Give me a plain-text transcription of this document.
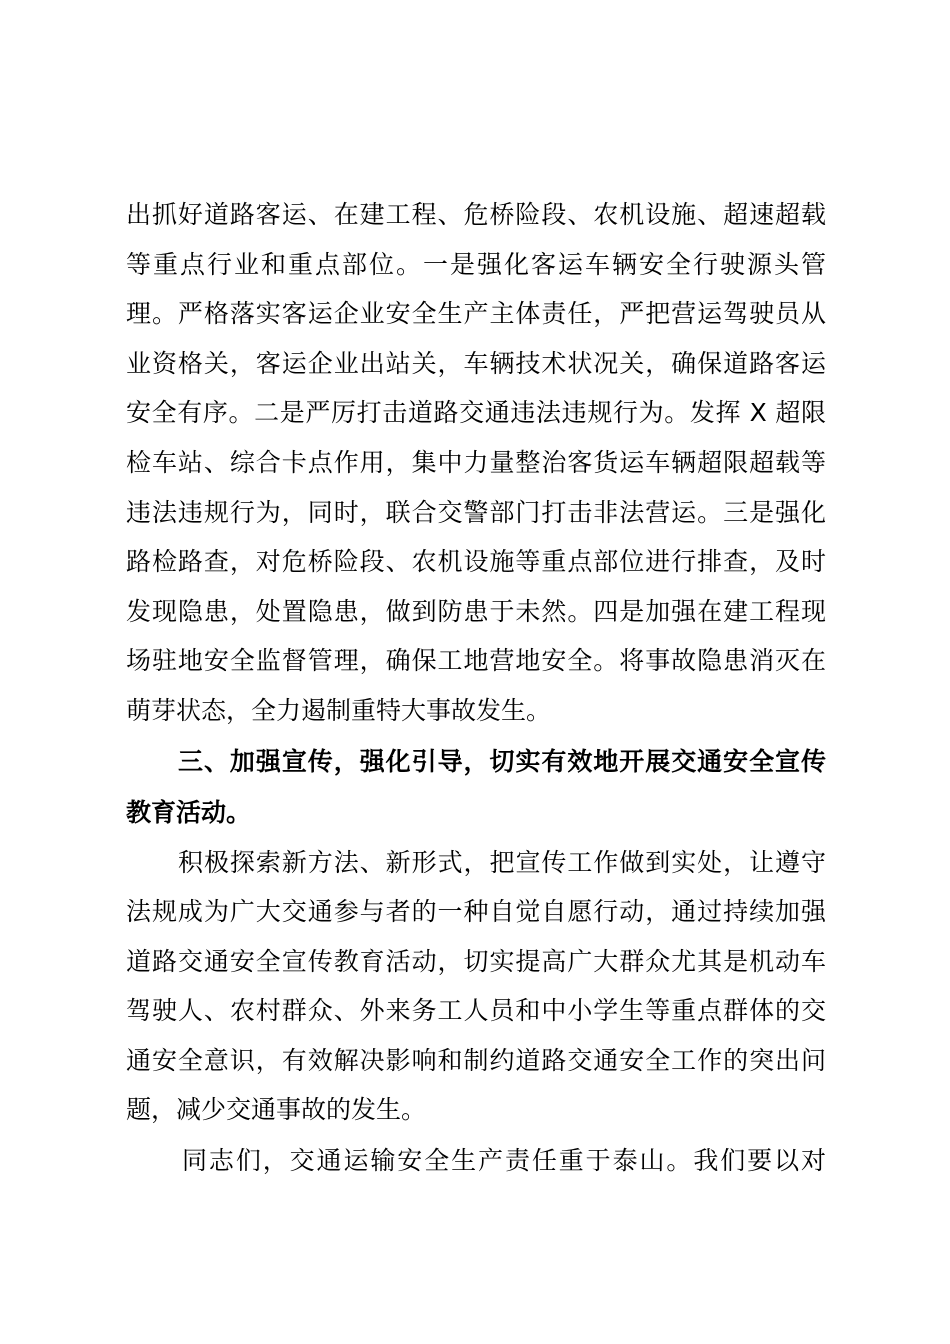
出抓好道路客运、在建工程、危桥险段、农机设施、超速超载
等重点行业和重点部位。一是强化客运车辆安全行驶源头管
理。严格落实客运企业安全生产主体责任，严把营运驾驶员从
业资格关，客运企业出站关，车辆技术状况关，确保道路客运
安全有序。二是严厉打击道路交通违法违规行为。发挥 X 超限
检车站、综合卡点作用，集中力量整治客货运车辆超限超载等
违法违规行为，同时，联合交警部门打击非法营运。三是强化
路检路查，对危桥险段、农机设施等重点部位进行排查，及时
发现隐患，处置隐患，做到防患于未然。四是加强在建工程现
场驻地安全监督管理，确保工地营地安全。将事故隐患消灭在
萌芽状态，全力遏制重特大事故发生。
三、加强宣传，强化引导，切实有效地开展交通安全宣传
教育活动。
积极探索新方法、新形式，把宣传工作做到实处，让遵守
法规成为广大交通参与者的一种自觉自愿行动，通过持续加强
道路交通安全宣传教育活动，切实提高广大群众尤其是机动车
驾驶人、农村群众、外来务工人员和中小学生等重点群体的交
通安全意识，有效解决影响和制约道路交通安全工作的突出问
题，减少交通事故的发生。
同志们，交通运输安全生产责任重于泰山。我们要以对
